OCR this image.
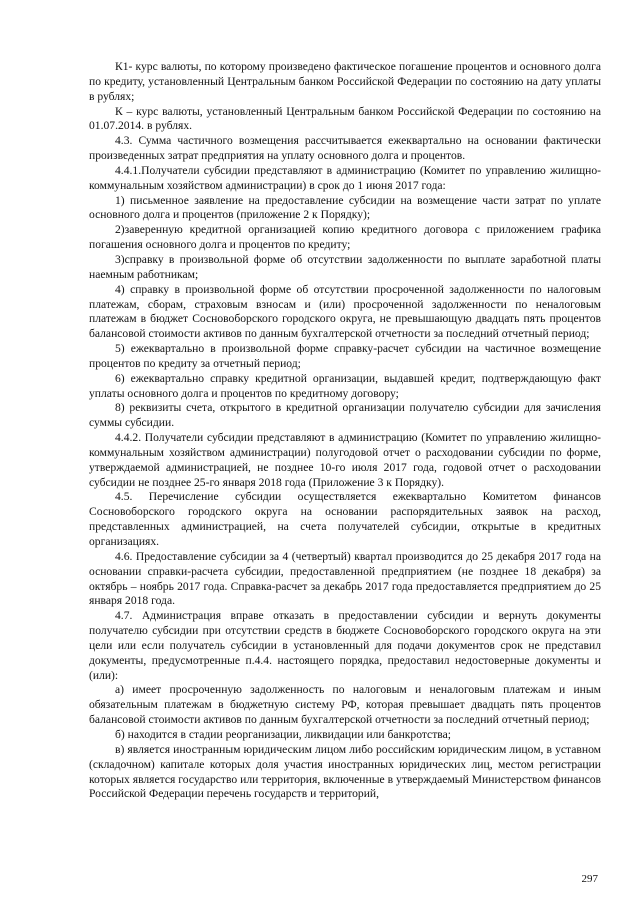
К1- курс валюты, по которому произведено фактическое погашение процентов и основного долга по кредиту, установленный Центральным банком Российской Федерации по состоянию на дату уплаты в рублях;

К – курс валюты, установленный Центральным банком Российской Федерации по состоянию на 01.07.2014. в рублях.

4.3. Сумма частичного возмещения рассчитывается ежеквартально на основании фактически произведенных затрат предприятия на уплату основного долга и процентов.

4.4.1.Получатели субсидии представляют в администрацию (Комитет по управлению жилищно-коммунальным хозяйством администрации) в срок до 1 июня 2017 года:

1) письменное заявление на предоставление субсидии на возмещение части затрат по уплате основного долга и процентов (приложение 2 к Порядку);

2)заверенную кредитной организацией копию кредитного договора с приложением графика погашения основного долга и процентов по кредиту;

3)справку в произвольной форме об отсутствии задолженности по выплате заработной платы наемным работникам;

4) справку в произвольной форме об отсутствии просроченной задолженности по налоговым платежам, сборам, страховым взносам и (или) просроченной задолженности по неналоговым платежам в бюджет Сосновоборского городского округа, не превышающую двадцать пять процентов балансовой стоимости активов по данным бухгалтерской отчетности за последний отчетный период;

5) ежеквартально в произвольной форме справку-расчет субсидии на частичное возмещение процентов по кредиту за отчетный период;

6) ежеквартально справку кредитной организации, выдавшей кредит, подтверждающую факт уплаты основного долга и процентов по кредитному договору;

8) реквизиты счета, открытого в кредитной организации получателю субсидии для зачисления суммы субсидии.

4.4.2. Получатели субсидии представляют в администрацию (Комитет по управлению жилищно-коммунальным хозяйством администрации) полугодовой отчет о расходовании субсидии по форме, утверждаемой администрацией, не позднее 10-го июля 2017 года, годовой отчет о расходовании субсидии не позднее 25-го января 2018 года (Приложение 3 к Порядку).

4.5. Перечисление субсидии осуществляется ежеквартально Комитетом финансов Сосновоборского городского округа на основании распорядительных заявок на расход, представленных администрацией, на счета получателей субсидии, открытые в кредитных организациях.

4.6. Предоставление субсидии за 4 (четвертый) квартал производится до 25 декабря 2017 года на основании справки-расчета субсидии, предоставленной предприятием (не позднее 18 декабря) за октябрь – ноябрь 2017 года. Справка-расчет за декабрь 2017 года предоставляется предприятием до 25 января 2018 года.

4.7. Администрация вправе отказать в предоставлении субсидии и вернуть документы получателю субсидии при отсутствии средств в бюджете Сосновоборского городского округа на эти цели или если получатель субсидии в установленный для подачи документов срок не представил документы, предусмотренные п.4.4. настоящего порядка, предоставил недостоверные документы и (или):

а) имеет просроченную задолженность по налоговым и неналоговым платежам и иным обязательным платежам в бюджетную систему РФ, которая превышает двадцать пять процентов балансовой стоимости активов по данным бухгалтерской отчетности за последний отчетный период;

б) находится в стадии реорганизации, ликвидации или банкротства;

в) является иностранным юридическим лицом либо российским юридическим лицом, в уставном (складочном) капитале которых доля участия иностранных юридических лиц, местом регистрации которых является государство или территория, включенные в утверждаемый Министерством финансов Российской Федерации перечень государств и территорий,

297
